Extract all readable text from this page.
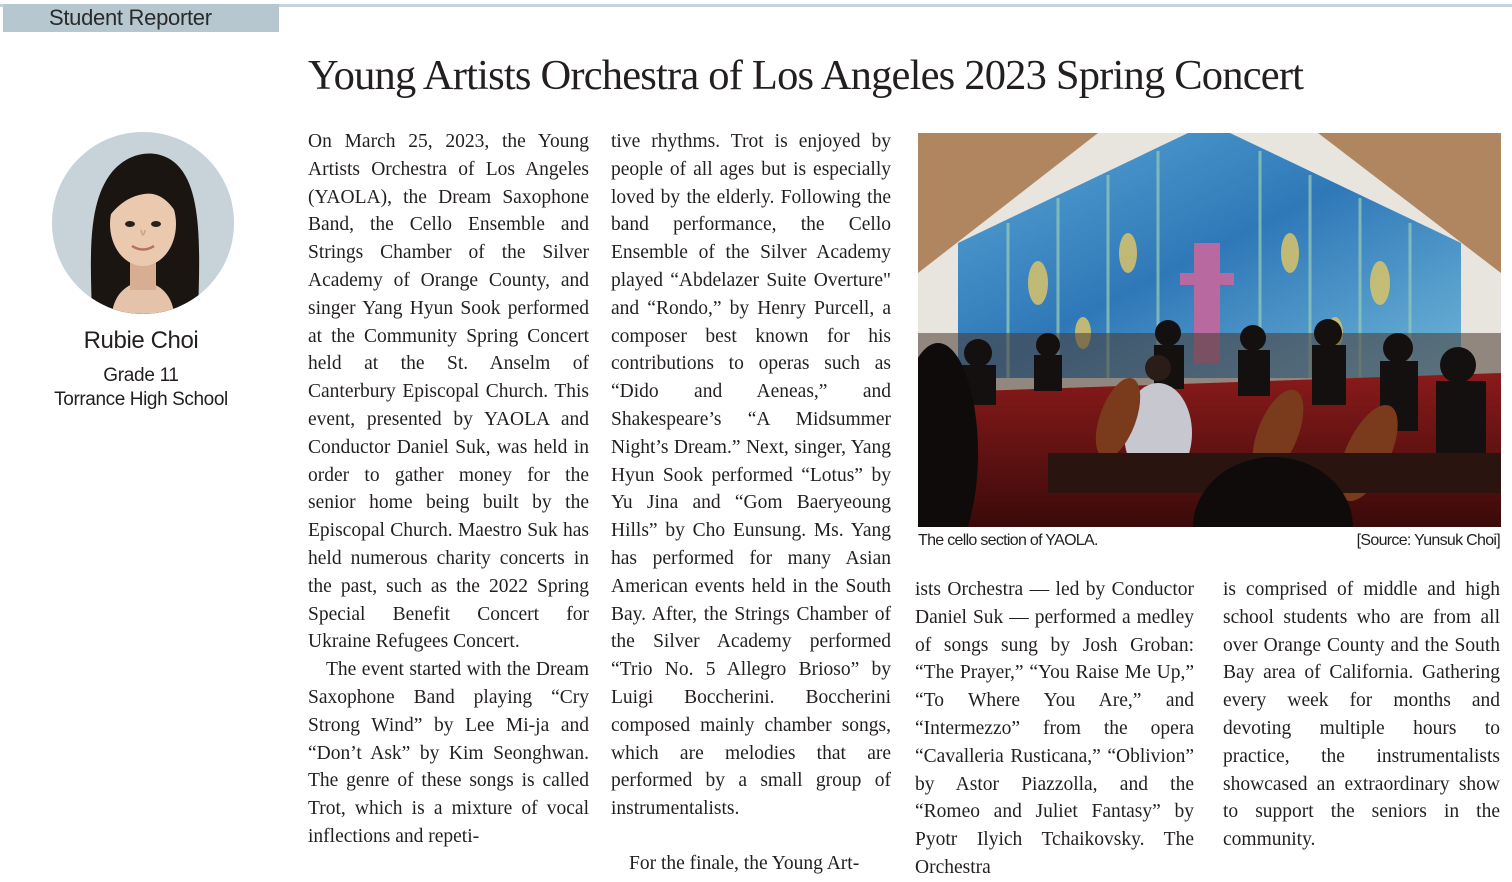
Student Reporter
Young Artists Orchestra of Los Angeles 2023 Spring Concert

Rubie Choi

Grade 11

Torrance High School

On March 25, 2023, the Young Artists Orchestra of Los Angeles (YAOLA), the Dream Saxophone Band, the Cello Ensemble and Strings Chamber of the Silver Academy of Orange County, and singer Yang Hyun Sook performed at the Community Spring Concert held at the St. Anselm of Canterbury Episcopal Church. This event, presented by YAOLA and Conductor Daniel Suk, was held in order to gather money for the senior home being built by the Episcopal Church. Maestro Suk has held numerous charity concerts in the past, such as the 2022 Spring Special Benefit Concert for Ukraine Refugees Concert.

The event started with the Dream Saxophone Band playing “Cry Strong Wind” by Lee Mi-ja and “Don’t Ask” by Kim Seonghwan. The genre of these songs is called Trot, which is a mixture of vocal inflections and repeti-

tive rhythms. Trot is enjoyed by people of all ages but is especially loved by the elderly. Following the band performance, the Cello Ensemble of the Silver Academy played “Abdelazer Suite Overture" and “Rondo,” by Henry Purcell, a composer best known for his contributions to operas such as “Dido and Aeneas,” and Shakespeare’s “A Midsummer Night’s Dream.” Next, singer, Yang Hyun Sook performed “Lotus” by Yu Jina and “Gom Baeryeoung Hills” by Cho Eunsung. Ms. Yang has performed for many Asian American events held in the South Bay. After, the Strings Chamber of the Silver Academy performed “Trio No. 5 Allegro Brioso” by Luigi Boccherini. Boccherini composed mainly chamber songs, which are melodies that are performed by a small group of instrumentalists.

For the finale, the Young Art-

The cello section of YAOLA.	[Source: Yunsuk Choi]

ists Orchestra — led by Conductor Daniel Suk — performed a medley of songs sung by Josh Groban: “The Prayer,” “You Raise Me Up,” “To Where You Are,” and “Intermezzo” from the opera “Cavalleria Rusticana,” “Oblivion” by Astor Piazzolla, and the “Romeo and Juliet Fantasy” by Pyotr Ilyich Tchaikovsky. The Orchestra

is comprised of middle and high school students who are from all over Orange County and the South Bay area of California. Gathering every week for months and devoting multiple hours to practice, the instrumentalists showcased an extraordinary show to support the seniors in the community.
